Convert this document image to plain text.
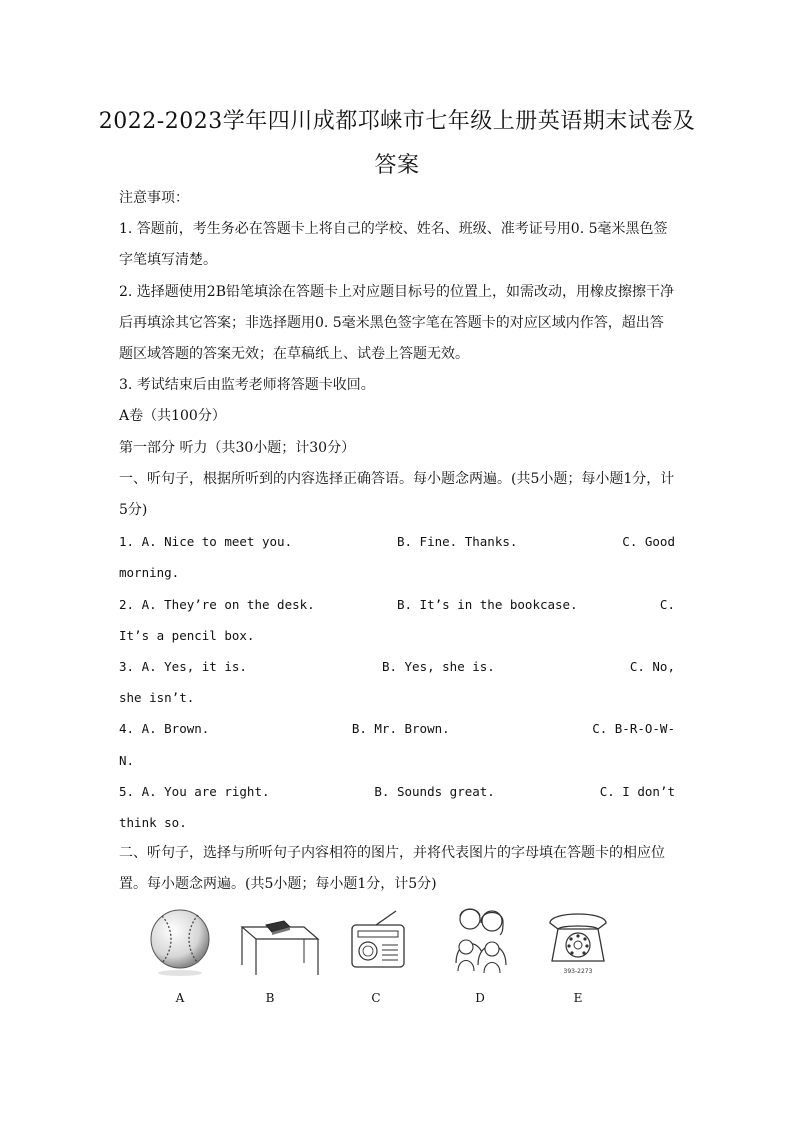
2022-2023学年四川成都邛崃市七年级上册英语期末试卷及
答案

注意事项：

1. 答题前，考生务必在答题卡上将自己的学校、姓名、班级、准考证号用0. 5毫米黑色签字笔填写清楚。

2. 选择题使用2B铅笔填涂在答题卡上对应题目标号的位置上，如需改动，用橡皮擦擦干净后再填涂其它答案；非选择题用0. 5毫米黑色签字笔在答题卡的对应区域内作答，超出答题区域答题的答案无效；在草稿纸上、试卷上答题无效。

3. 考试结束后由监考老师将答题卡收回。

A卷（共100分）

第一部分 听力（共30小题；计30分）

一、听句子，根据所听到的内容选择正确答语。每小题念两遍。(共5小题；每小题1分，计5分)

1. A. Nice to meet you.	B. Fine. Thanks.	C. Good

morning.

2. A. They’re on the desk.	B. It’s in the bookcase.	C.

It’s a pencil box.

3. A. Yes, it is.	B. Yes, she is.	C. No,

she isn’t.

4. A. Brown.	B. Mr. Brown.	C. B-R-O-W-

N.

5. A. You are right.	B. Sounds great.	C. I don’t

think so.

二、听句子，选择与所听句子内容相符的图片，并将代表图片的字母填在答题卡的相应位置。每小题念两遍。(共5小题；每小题1分，计5分)

A	B	C	D
393-2273
E
